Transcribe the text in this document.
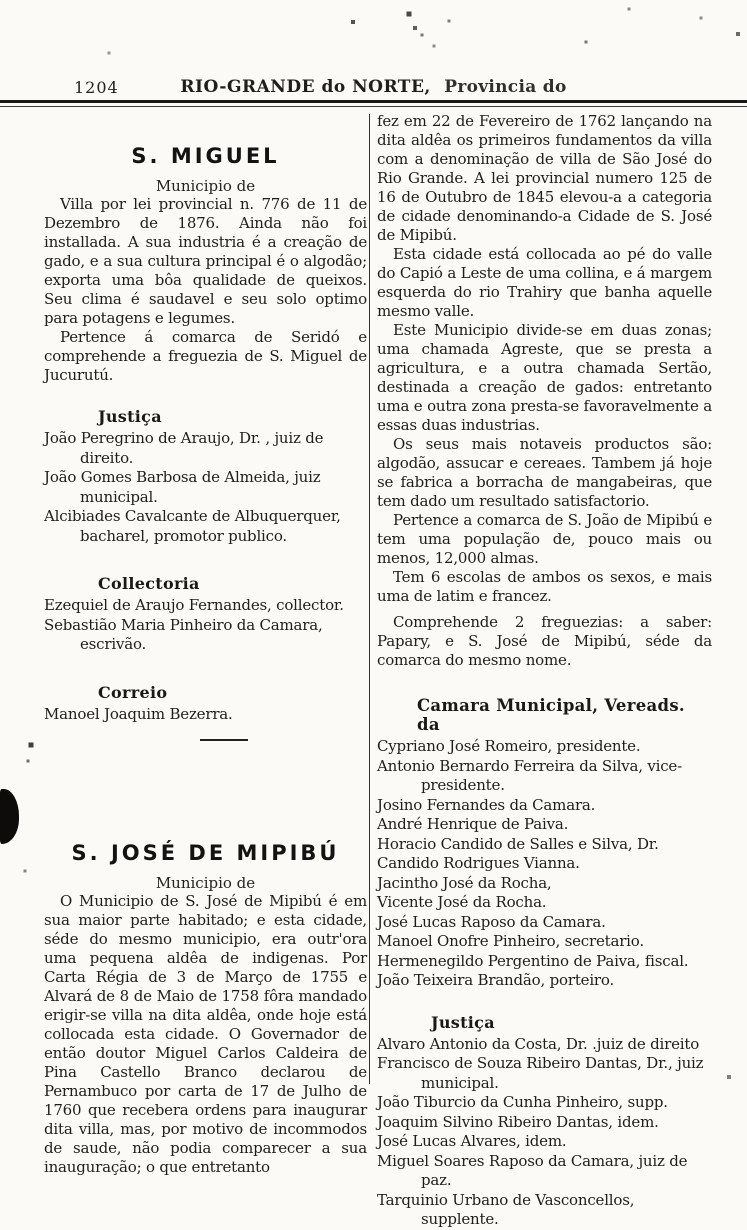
1204	RIO-GRANDE do NORTE, Provincia do
S. MIGUEL
Municipio de

Villa por lei provincial n. 776 de 11 de Dezembro de 1876. Ainda não foi installada. A sua industria é a creação de gado, e a sua cultura principal é o algodão; exporta uma bôa qualidade de queixos. Seu clima é saudavel e seu solo optimo para potagens e legumes.

Pertence á comarca de Seridó e comprehende a freguezia de S. Miguel de Jucurutú.

Justiça

João Peregrino de Araujo, Dr. , juiz de direito.

João Gomes Barbosa de Almeida, juiz municipal.

Alcibiades Cavalcante de Albuquerquer, bacharel, promotor publico.

Collectoria

Ezequiel de Araujo Fernandes, collector.

Sebastião Maria Pinheiro da Camara, escrivão.

Correio

Manoel Joaquim Bezerra.

S. JOSÉ DE MIPIBÚ
Municipio de

O Municipio de S. José de Mipibú é em sua maior parte habitado; e esta cidade, séde do mesmo municipio, era outr'ora uma pequena aldêa de indigenas. Por Carta Régia de 3 de Março de 1755 e Alvará de 8 de Maio de 1758 fôra mandado erigir-se villa na dita aldêa, onde hoje está collocada esta cidade. O Governador de então doutor Miguel Carlos Caldeira de Pina Castello Branco declarou de Pernambuco por carta de 17 de Julho de 1760 que recebera ordens para inaugurar dita villa, mas, por motivo de incommodos de saude, não podia comparecer a sua inauguração; o que entretanto

fez em 22 de Fevereiro de 1762 lançando na dita aldêa os primeiros fundamentos da villa com a denominação de villa de São José do Rio Grande. A lei provincial numero 125 de 16 de Outubro de 1845 elevou-a a categoria de cidade denominando-a Cidade de S. José de Mipibú.

Esta cidade está collocada ao pé do valle do Capió a Leste de uma collina, e á margem esquerda do rio Trahiry que banha aquelle mesmo valle.

Este Municipio divide-se em duas zonas; uma chamada Agreste, que se presta a agricultura, e a outra chamada Sertão, destinada a creação de gados: entretanto uma e outra zona presta-se favoravelmente a essas duas industrias.

Os seus mais notaveis productos são: algodão, assucar e cereaes. Tambem já hoje se fabrica a borracha de mangabeiras, que tem dado um resultado satisfactorio.

Pertence a comarca de S. João de Mipibú e tem uma população de, pouco mais ou menos, 12,000 almas.

Tem 6 escolas de ambos os sexos, e mais uma de latim e francez.

Comprehende 2 freguezias: a saber: Papary, e S. José de Mipibú, séde da comarca do mesmo nome.

Camara Municipal, Vereads. da

Cypriano José Romeiro, presidente.

Antonio Bernardo Ferreira da Silva, vice-presidente.

Josino Fernandes da Camara.

André Henrique de Paiva.

Horacio Candido de Salles e Silva, Dr.

Candido Rodrigues Vianna.

Jacintho José da Rocha,

Vicente José da Rocha.

José Lucas Raposo da Camara.

Manoel Onofre Pinheiro, secretario.

Hermenegildo Pergentino de Paiva, fiscal.

João Teixeira Brandão, porteiro.

Justiça

Alvaro Antonio da Costa, Dr. .juiz de direito

Francisco de Souza Ribeiro Dantas, Dr., juiz municipal.

João Tiburcio da Cunha Pinheiro, supp.

Joaquim Silvino Ribeiro Dantas, idem.

José Lucas Alvares, idem.

Miguel Soares Raposo da Camara, juiz de paz.

Tarquinio Urbano de Vasconcellos, supplente.
